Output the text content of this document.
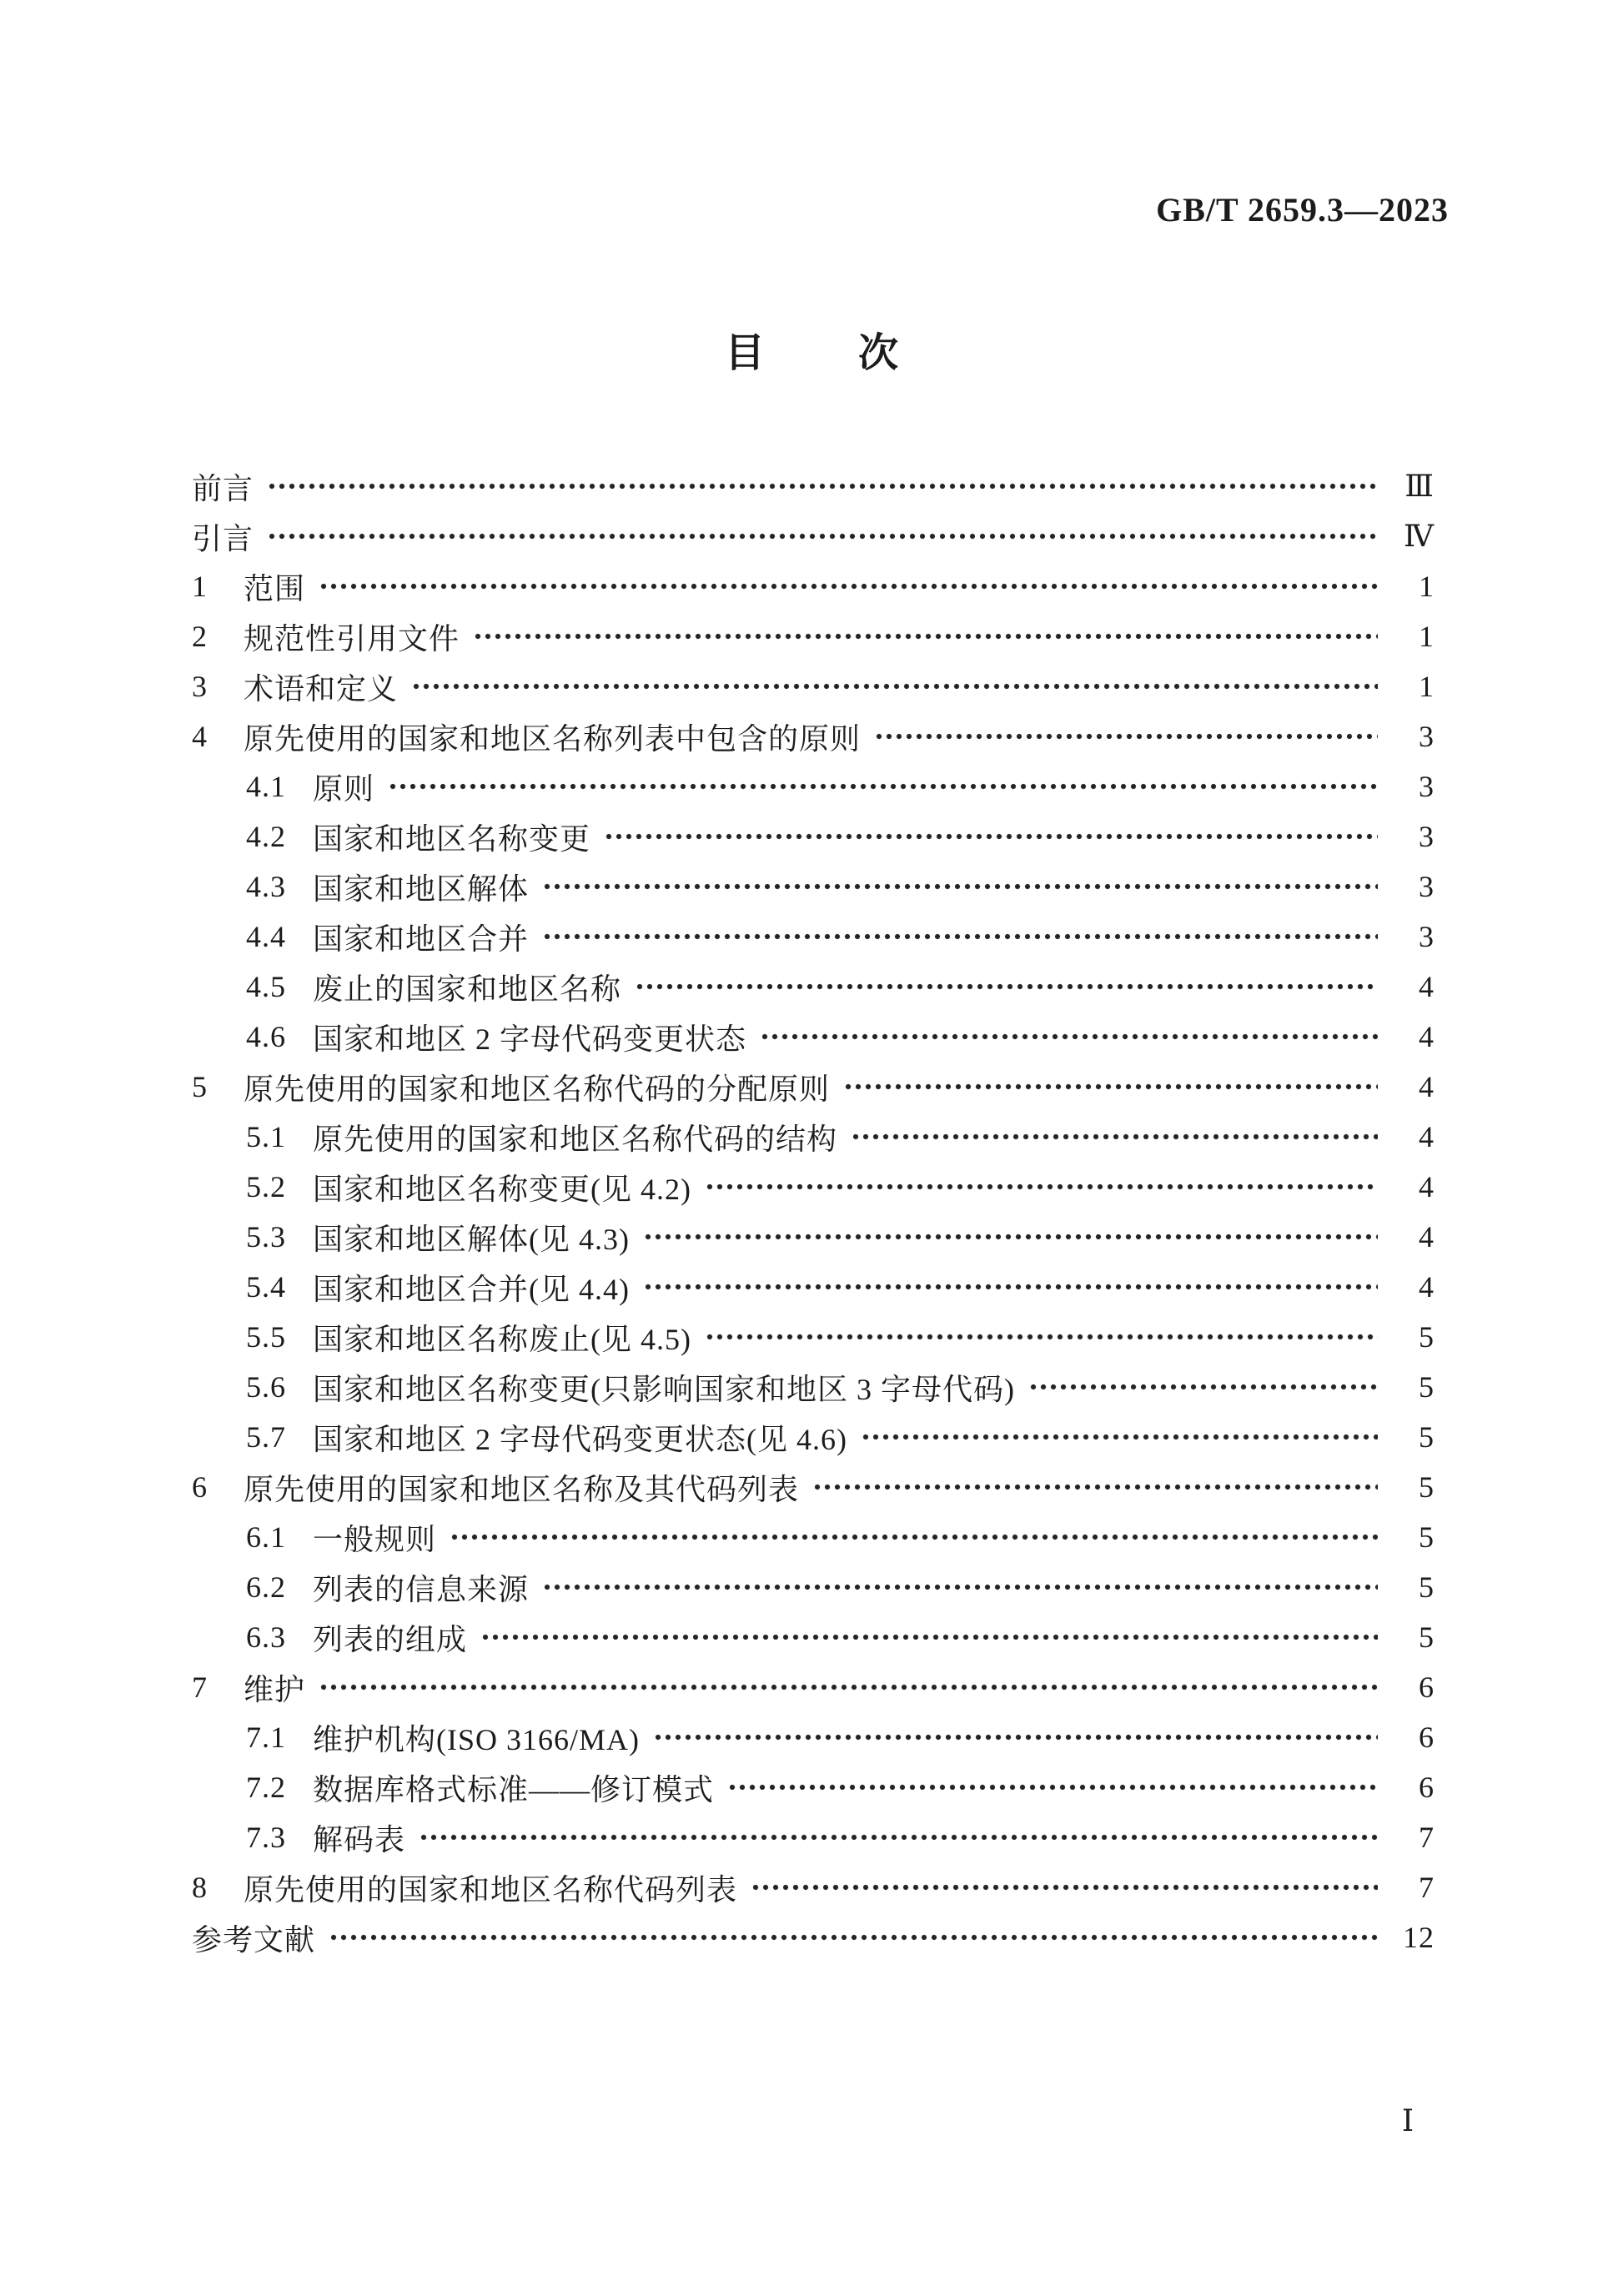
GB/T 2659.3—2023
目 次
前言	Ⅲ
引言	Ⅳ
1	范围	1
2	规范性引用文件	1
3	术语和定义	1
4	原先使用的国家和地区名称列表中包含的原则	3
4.1 原则	3
4.2 国家和地区名称变更	3
4.3 国家和地区解体	3
4.4 国家和地区合并	3
4.5 废止的国家和地区名称	4
4.6 国家和地区 2 字母代码变更状态	4
5	原先使用的国家和地区名称代码的分配原则	4
5.1 原先使用的国家和地区名称代码的结构	4
5.2 国家和地区名称变更(见 4.2)	4
5.3 国家和地区解体(见 4.3)	4
5.4 国家和地区合并(见 4.4)	4
5.5 国家和地区名称废止(见 4.5)	5
5.6 国家和地区名称变更(只影响国家和地区 3 字母代码)	5
5.7 国家和地区 2 字母代码变更状态(见 4.6)	5
6	原先使用的国家和地区名称及其代码列表	5
6.1 一般规则	5
6.2 列表的信息来源	5
6.3 列表的组成	5
7	维护	6
7.1 维护机构(ISO 3166/MA)	6
7.2 数据库格式标准——修订模式	6
7.3 解码表	7
8	原先使用的国家和地区名称代码列表	7
参考文献	12
Ⅰ
